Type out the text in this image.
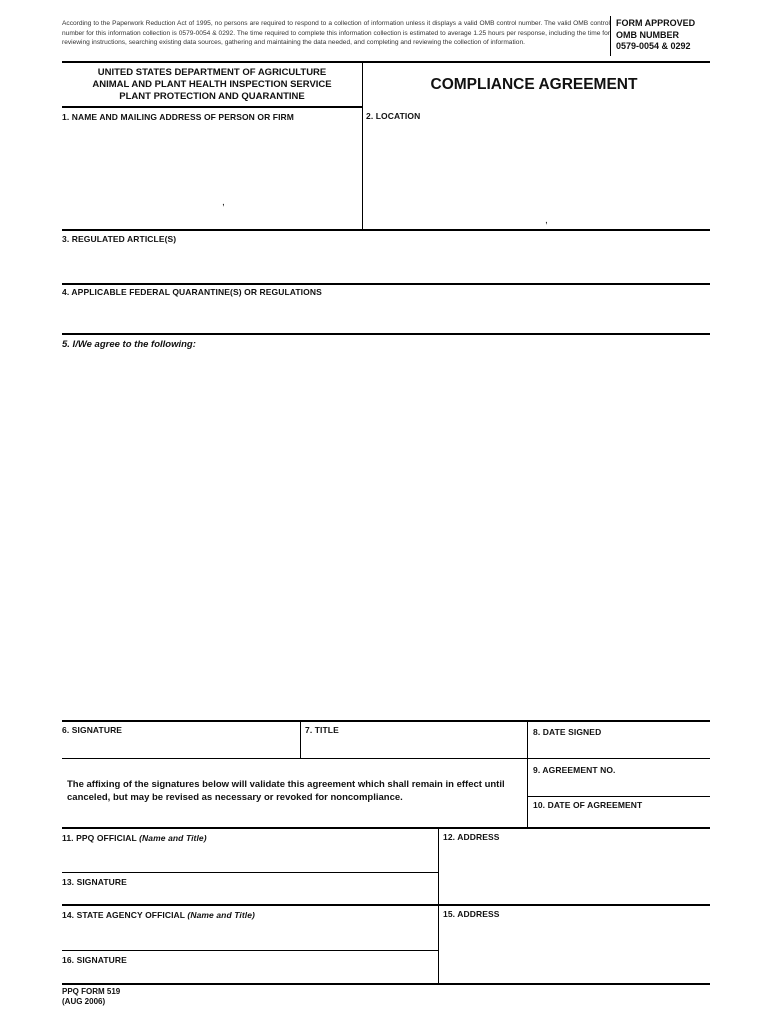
According to the Paperwork Reduction Act of 1995, no persons are required to respond to a collection of information unless it displays a valid OMB control number. The valid OMB control number for this information collection is 0579-0054 & 0292. The time required to complete this information collection is estimated to average 1.25 hours per response, including the time for reviewing instructions, searching existing data sources, gathering and maintaining the data needed, and completing and reviewing the collection of information.
FORM APPROVED
OMB NUMBER
0579-0054 & 0292
UNITED STATES DEPARTMENT OF AGRICULTURE
ANIMAL AND PLANT HEALTH INSPECTION SERVICE
PLANT PROTECTION AND QUARANTINE
COMPLIANCE AGREEMENT
1. NAME AND MAILING ADDRESS OF PERSON OR FIRM
,
2. LOCATION
,
3. REGULATED ARTICLE(S)
4. APPLICABLE FEDERAL QUARANTINE(S) OR REGULATIONS
5. I/We agree to the following:
6. SIGNATURE	7. TITLE	8. DATE SIGNED
The affixing of the signatures below will validate this agreement which shall remain in effect until canceled, but may be revised as necessary or revoked for noncompliance.
9. AGREEMENT NO.
10. DATE OF AGREEMENT
11. PPQ OFFICIAL (Name and Title)	12. ADDRESS
13. SIGNATURE
14. STATE AGENCY OFFICIAL (Name and Title)	15. ADDRESS
16. SIGNATURE
PPQ FORM 519
(AUG 2006)
